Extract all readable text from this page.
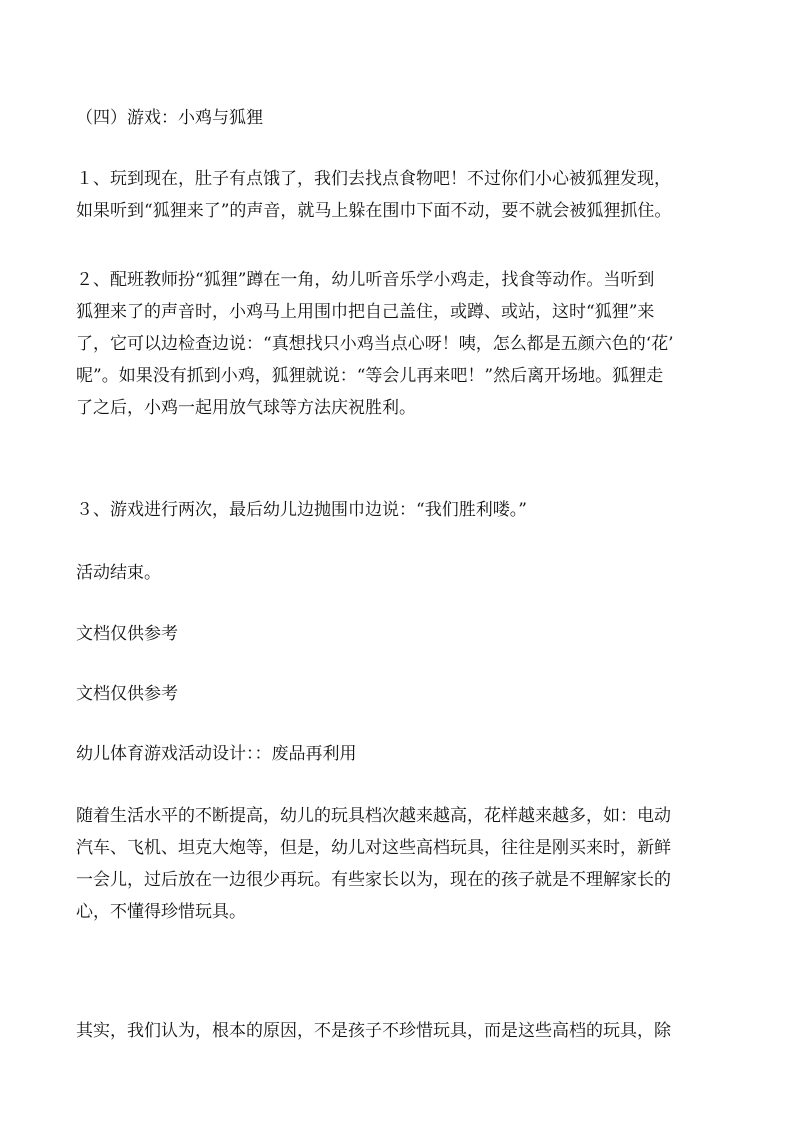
（四）游戏：小鸡与狐狸

１、玩到现在，肚子有点饿了，我们去找点食物吧！不过你们小心被狐狸发现，
如果听到“狐狸来了”的声音，就马上躲在围巾下面不动，要不就会被狐狸抓住。

２、配班教师扮“狐狸”蹲在一角，幼儿听音乐学小鸡走，找食等动作。当听到
狐狸来了的声音时，小鸡马上用围巾把自己盖住，或蹲、或站，这时“狐狸”来
了，它可以边检查边说：“真想找只小鸡当点心呀！咦，怎么都是五颜六色的‘花’
呢”。如果没有抓到小鸡，狐狸就说：“等会儿再来吧！”然后离开场地。狐狸走
了之后，小鸡一起用放气球等方法庆祝胜利。

３、游戏进行两次，最后幼儿边抛围巾边说：“我们胜利喽。”

活动结束。

文档仅供参考

文档仅供参考

幼儿体育游戏活动设计：：废品再利用

随着生活水平的不断提高，幼儿的玩具档次越来越高，花样越来越多，如：电动
汽车、飞机、坦克大炮等，但是，幼儿对这些高档玩具，往往是刚买来时，新鲜
一会儿，过后放在一边很少再玩。有些家长以为，现在的孩子就是不理解家长的
心，不懂得珍惜玩具。

其实，我们认为，根本的原因，不是孩子不珍惜玩具，而是这些高档的玩具，除
